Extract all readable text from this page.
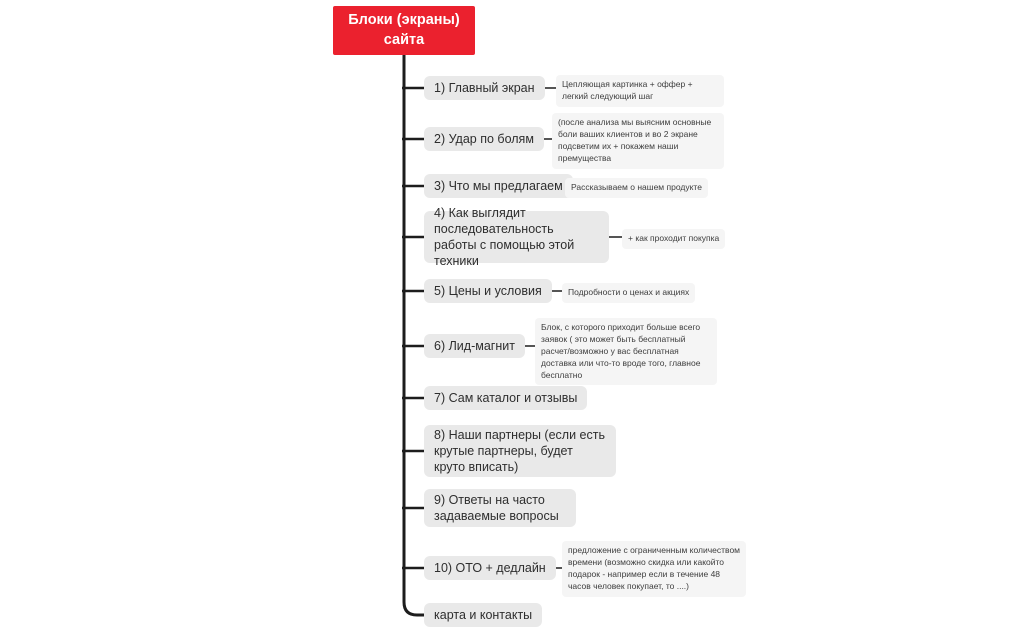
Блоки (экраны) сайта
1) Главный экран
2) Удар по болям
3) Что мы предлагаем
4) Как выглядит последовательность работы с помощью этой техники
5) Цены и условия
6) Лид-магнит
7) Сам каталог и отзывы
8) Наши партнеры (если есть крутые партнеры, будет круто вписать)
9) Ответы на часто задаваемые вопросы
10) ОТО + дедлайн
карта и контакты
Цепляющая картинка + оффер + легкий следующий шаг
(после анализа мы выясним основные боли ваших клиентов и во 2 экране подсветим их + покажем наши премущества
Рассказываем о нашем продукте
+ как проходит покупка
Подробности о ценах и акциях
Блок, с которого приходит больше всего заявок ( это может быть бесплатный расчет/возможно у вас бесплатная доставка или что-то вроде того, главное бесплатно
предложение с ограниченным количеством времени (возможно скидка или какойто подарок - например если в течение 48 часов человек покупает, то ....)
